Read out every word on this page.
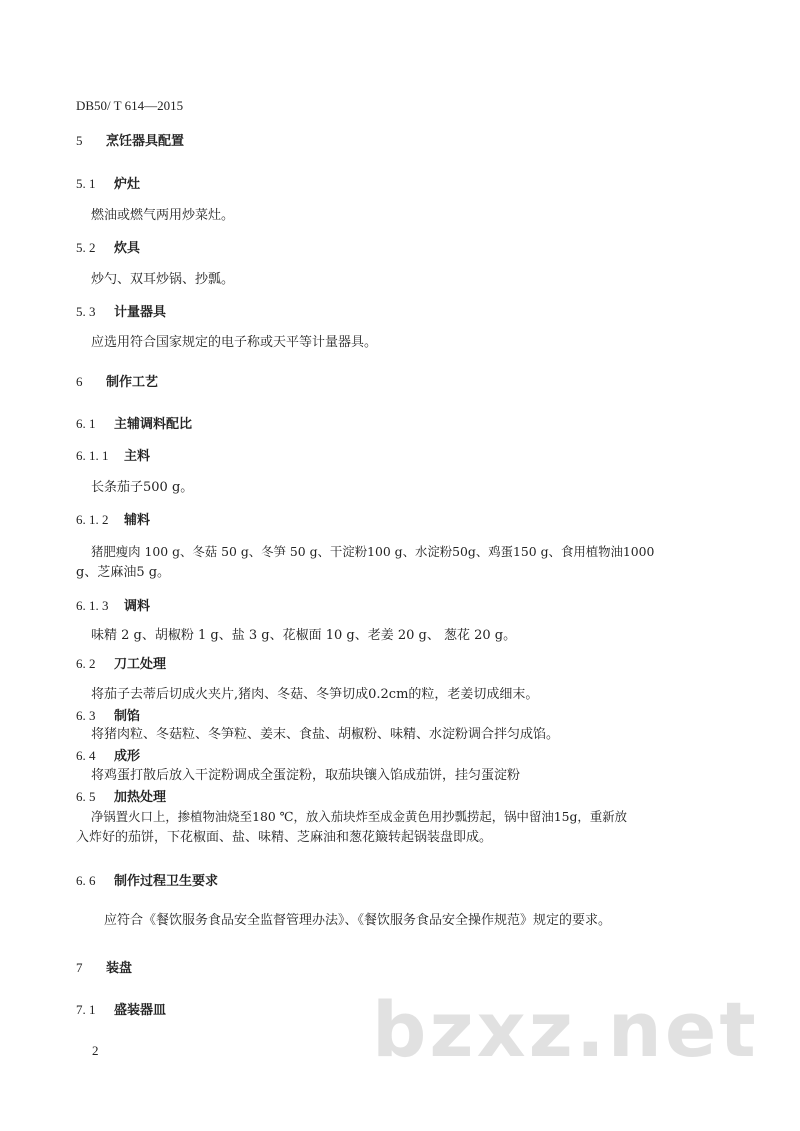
DB50/ T 614—2015
5 烹饪器具配置
5. 1 炉灶
燃油或燃气两用炒菜灶。
5. 2 炊具
炒勺、双耳炒锅、抄瓢。
5. 3 计量器具
应选用符合国家规定的电子称或天平等计量器具。
6 制作工艺
6. 1 主辅调料配比
6. 1. 1 主料
长条茄子500 g。
6. 1. 2 辅料
猪肥瘦肉 100 g、冬菇 50 g、冬笋 50 g、干淀粉100 g、水淀粉50g、鸡蛋150 g、食用植物油1000
g、芝麻油5 g。
6. 1. 3 调料
味精 2 g、胡椒粉 1 g、盐 3 g、花椒面 10 g、老姜 20 g、 葱花 20 g。
6. 2 刀工处理
将茄子去蒂后切成火夹片,猪肉、冬菇、冬笋切成0.2cm的粒，老姜切成细末。
6. 3 制馅
将猪肉粒、冬菇粒、冬笋粒、姜末、食盐、胡椒粉、味精、水淀粉调合拌匀成馅。
6. 4 成形
将鸡蛋打散后放入干淀粉调成全蛋淀粉，取茄块镶入馅成茄饼，挂匀蛋淀粉
6. 5 加热处理
净锅置火口上，掺植物油烧至180 ℃，放入茄块炸至成金黄色用抄瓢捞起，锅中留油15g，重新放
入炸好的茄饼，下花椒面、盐、味精、芝麻油和葱花簸转起锅装盘即成。
6. 6 制作过程卫生要求
应符合《餐饮服务食品安全监督管理办法》、《餐饮服务食品安全操作规范》规定的要求。
7 装盘
7. 1 盛装器皿	bzxz.net
2
